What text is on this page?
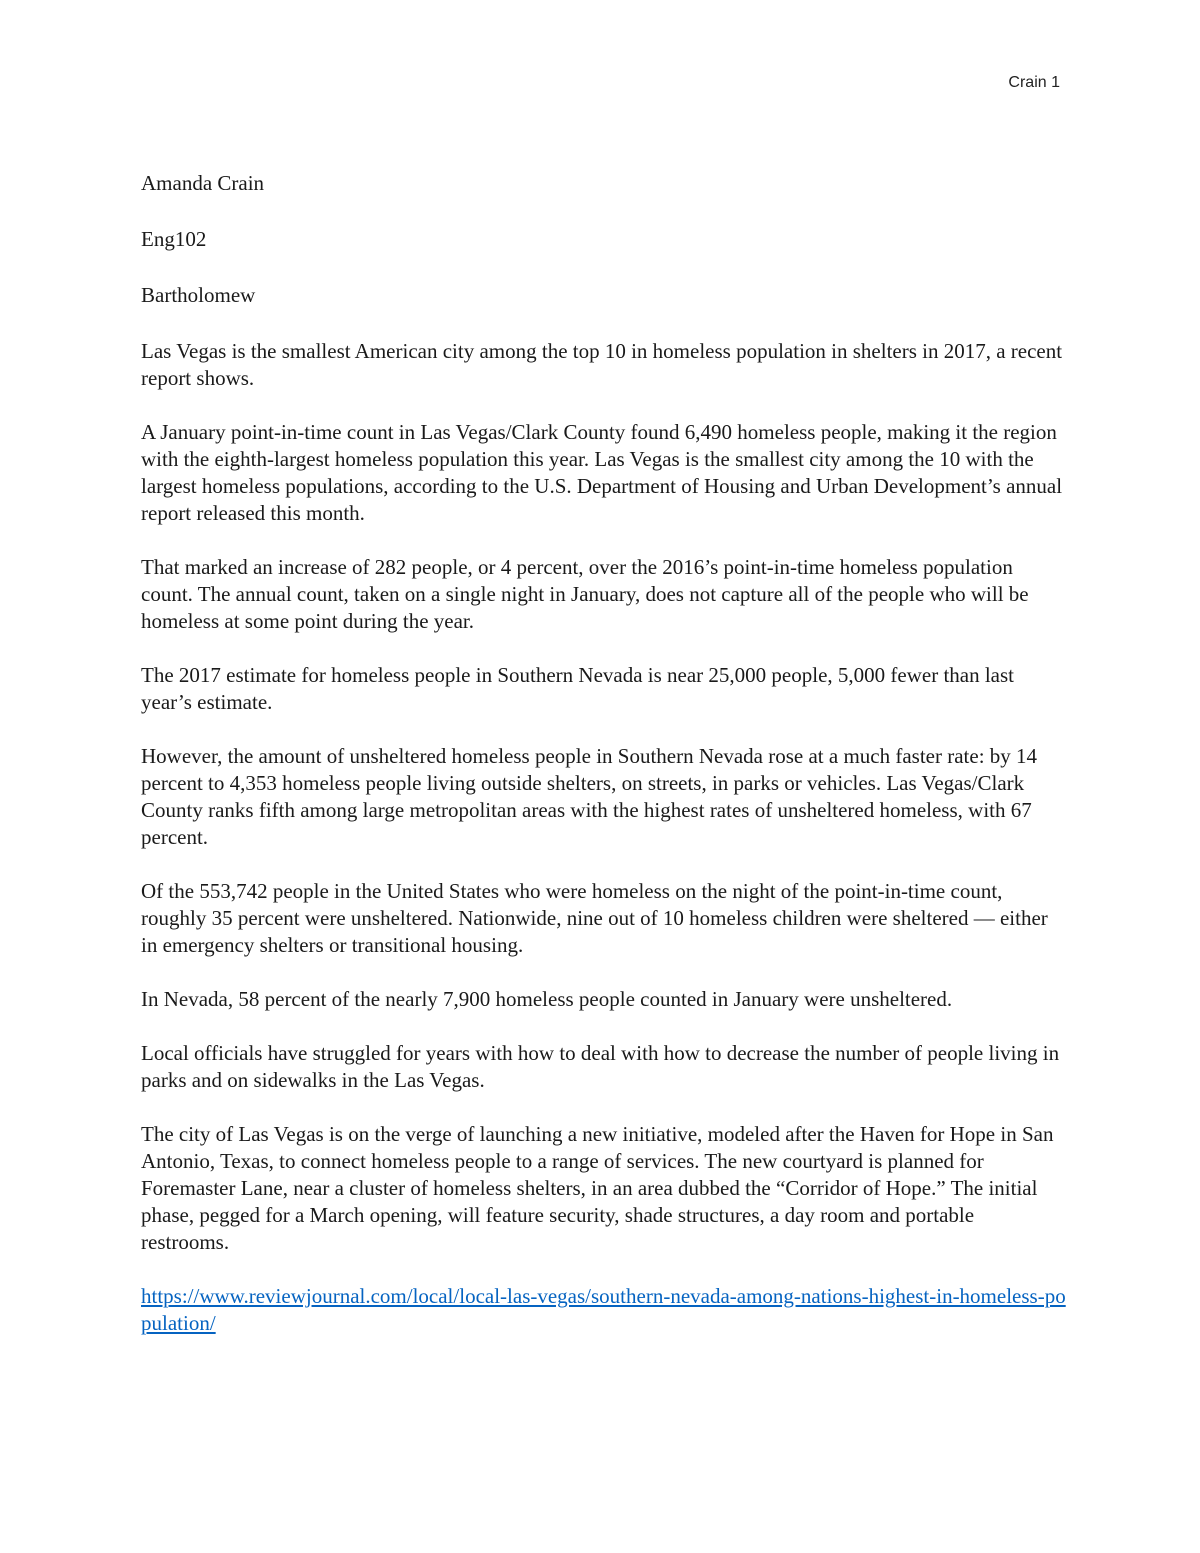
Crain 1

Amanda Crain

Eng102

Bartholomew

Las Vegas is the smallest American city among the top 10 in homeless population in shelters in 2017, a recent report shows.

A January point-in-time count in Las Vegas/Clark County found 6,490 homeless people, making it the region with the eighth-largest homeless population this year. Las Vegas is the smallest city among the 10 with the largest homeless populations, according to the U.S. Department of Housing and Urban Development’s annual report released this month.

That marked an increase of 282 people, or 4 percent, over the 2016’s point-in-time homeless population count. The annual count, taken on a single night in January, does not capture all of the people who will be homeless at some point during the year.

The 2017 estimate for homeless people in Southern Nevada is near 25,000 people, 5,000 fewer than last year’s estimate.

However, the amount of unsheltered homeless people in Southern Nevada rose at a much faster rate: by 14 percent to 4,353 homeless people living outside shelters, on streets, in parks or vehicles. Las Vegas/Clark County ranks fifth among large metropolitan areas with the highest rates of unsheltered homeless, with 67 percent.

Of the 553,742 people in the United States who were homeless on the night of the point-in-time count, roughly 35 percent were unsheltered. Nationwide, nine out of 10 homeless children were sheltered — either in emergency shelters or transitional housing.

In Nevada, 58 percent of the nearly 7,900 homeless people counted in January were unsheltered.

Local officials have struggled for years with how to deal with how to decrease the number of people living in parks and on sidewalks in the Las Vegas.

The city of Las Vegas is on the verge of launching a new initiative, modeled after the Haven for Hope in San Antonio, Texas, to connect homeless people to a range of services. The new courtyard is planned for Foremaster Lane, near a cluster of homeless shelters, in an area dubbed the “Corridor of Hope.” The initial phase, pegged for a March opening, will feature security, shade structures, a day room and portable restrooms.

https://www.reviewjournal.com/local/local-las-vegas/southern-nevada-among-nations-highest-in-homeless-population/
